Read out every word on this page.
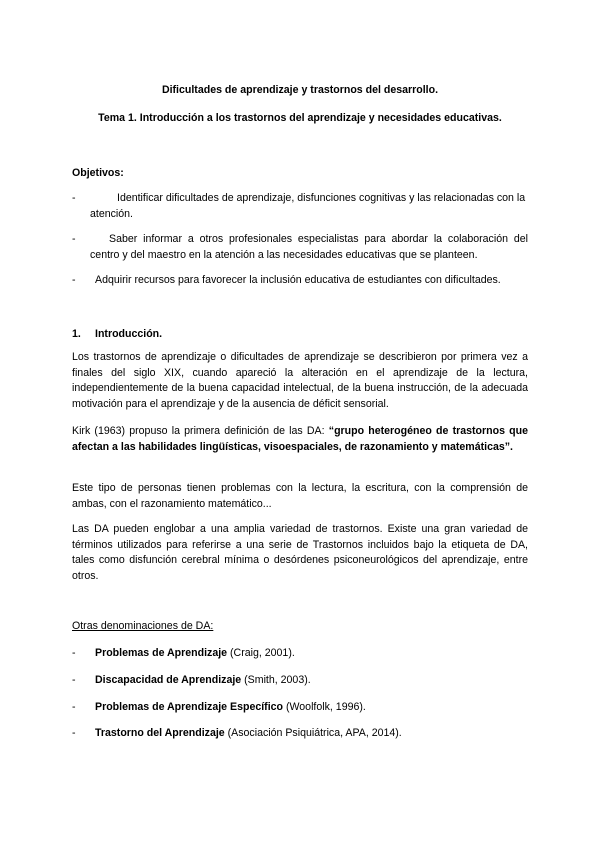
Dificultades de aprendizaje y trastornos del desarrollo.

Tema 1. Introducción a los trastornos del aprendizaje y necesidades educativas.

Objetivos:

-	Identificar dificultades de aprendizaje, disfunciones cognitivas y las relacionadas con la atención.
-	Saber informar a otros profesionales especialistas para abordar la colaboración del centro y del maestro en la atención a las necesidades educativas que se planteen.
- Adquirir recursos para favorecer la inclusión educativa de estudiantes con dificultades.
1. Introducción.

Los trastornos de aprendizaje o dificultades de aprendizaje se describieron por primera vez a finales del siglo XIX, cuando apareció la alteración en el aprendizaje de la lectura, independientemente de la buena capacidad intelectual, de la buena instrucción, de la adecuada motivación para el aprendizaje y de la ausencia de déficit sensorial.

Kirk (1963) propuso la primera definición de las DA: “grupo heterogéneo de trastornos que afectan a las habilidades lingüísticas, visoespaciales, de razonamiento y matemáticas”.

Este tipo de personas tienen problemas con la lectura, la escritura, con la comprensión de ambas, con el razonamiento matemático...

Las DA pueden englobar a una amplia variedad de trastornos. Existe una gran variedad de términos utilizados para referirse a una serie de Trastornos incluidos bajo la etiqueta de DA, tales como disfunción cerebral mínima o desórdenes psiconeurológicos del aprendizaje, entre otros.

Otras denominaciones de DA:

- Problemas de Aprendizaje (Craig, 2001).
- Discapacidad de Aprendizaje (Smith, 2003).
- Problemas de Aprendizaje Específico (Woolfolk, 1996).
- Trastorno del Aprendizaje (Asociación Psiquiátrica, APA, 2014).
